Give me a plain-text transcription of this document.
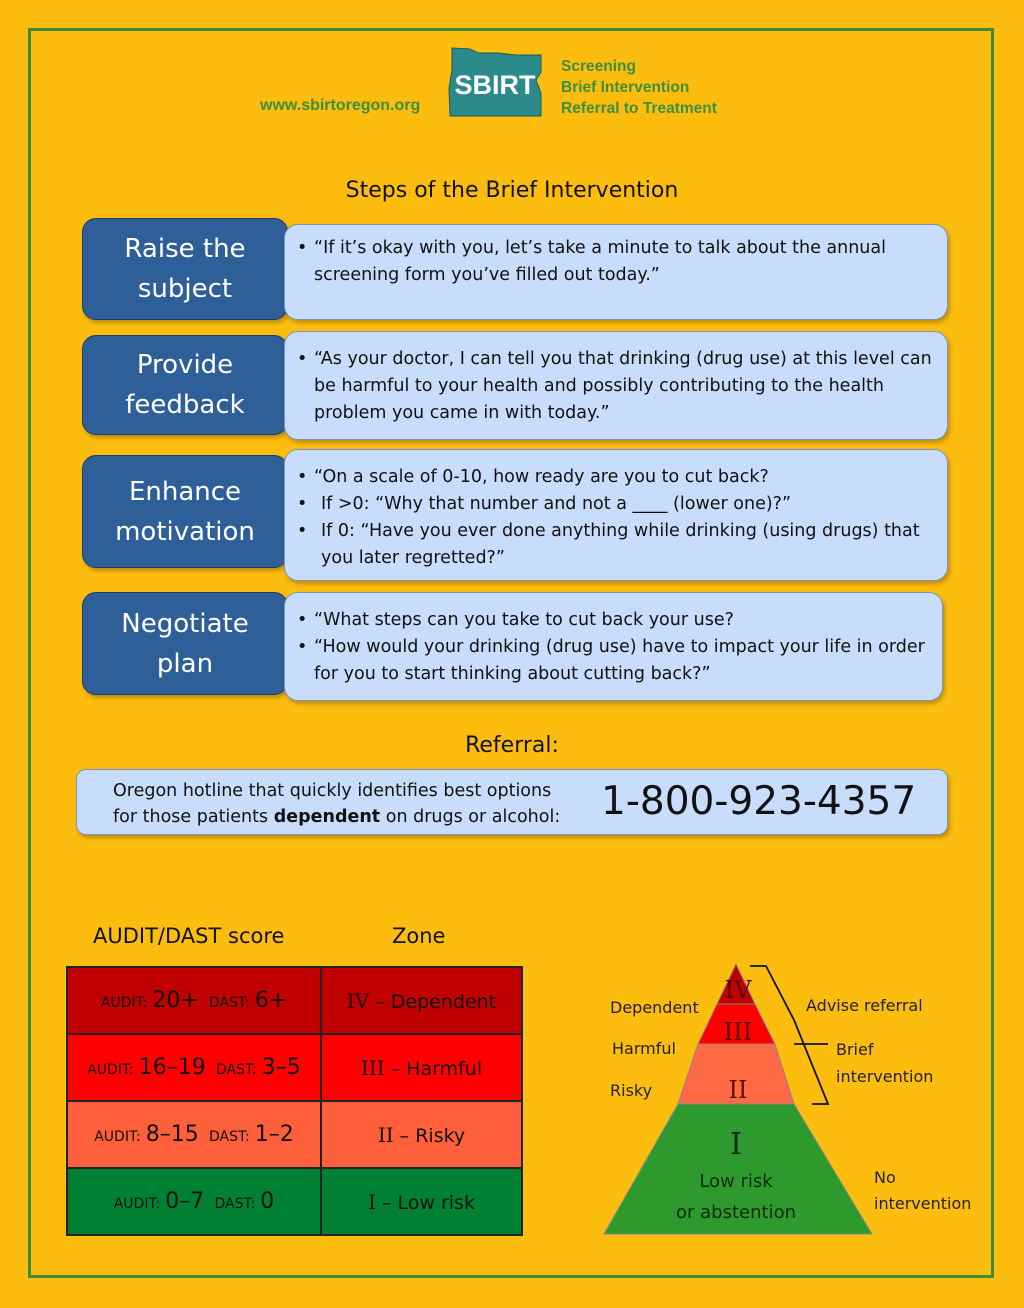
www.sbirtoregon.org
SBIRT
Screening
Brief Intervention
Referral to Treatment
Steps of the Brief Intervention
Raise the
subject
• “If it’s okay with you, let’s take a minute to talk about the annual screening form you’ve filled out today.”
Provide
feedback
• “As your doctor, I can tell you that drinking (drug use) at this level can be harmful to your health and possibly contributing to the health problem you came in with today.”
Enhance
motivation
• “On a scale of 0-10, how ready are you to cut back?
• If >0: “Why that number and not a ____ (lower one)?”
• If 0: “Have you ever done anything while drinking (using drugs) that you later regretted?”
Negotiate
plan
• “What steps can you take to cut back your use?
• “How would your drinking (drug use) have to impact your life in order for you to start thinking about cutting back?”
Referral:
Oregon hotline that quickly identifies best options
for those patients dependent on drugs or alcohol: 1-800-923-4357
AUDIT/DAST score	Zone
AUDIT: 20+ DAST: 6+	IV – Dependent
AUDIT: 16–19 DAST: 3–5	III – Harmful
AUDIT: 8–15 DAST: 1–2	II – Risky
AUDIT: 0–7 DAST: 0	I – Low risk
IV
III
II
I
Low risk
or abstention
Dependent
Harmful
Risky
Advise referral
Brief
intervention
No
intervention
